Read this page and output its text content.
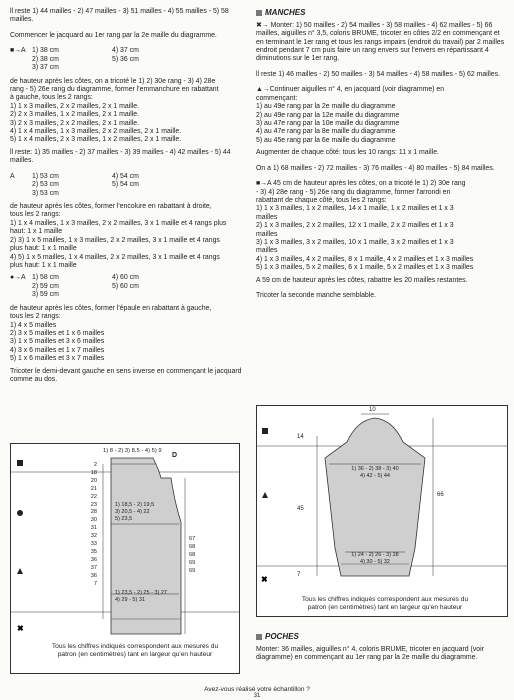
ll reste 1) 44 mailles - 2) 47 mailles - 3) 51 mailles - 4) 55 mailles - 5) 58 mailles.

Commencer le jacquard au 1er rang par la 2e maille du diagramme.

■→A 1) 38 cm
2) 38 cm
3) 37 cm
4) 37 cm
5) 36 cm
de hauteur après les côtes, on a tricoté le 1) 2) 30e rang - 3) 4) 28e
rang - 5) 26e rang du diagramme, former l'emmanchure en rabattant
à gauche, tous les 2 rangs:
1) 1 x 3 mailles, 2 x 2 mailles, 2 x 1 maille.
2) 2 x 3 mailles, 1 x 2 mailles, 2 x 1 maille.
3) 2 x 3 mailles, 2 x 2 mailles, 2 x 1 maille.
4) 1 x 4 mailles, 1 x 3 mailles, 2 x 2 mailles, 2 x 1 maille.
5) 1 x 4 mailles, 2 x 3 mailles, 1 x 2 mailles, 2 x 1 maille.

ll reste: 1) 35 mailles - 2) 37 mailles - 3) 39 mailles - 4) 42 mailles - 5) 44 mailles.

A	1) 53 cm
2) 53 cm
3) 53 cm
4) 54 cm
5) 54 cm
de hauteur après les côtes, former l'encolure en rabattant à droite,
tous les 2 rangs:
1) 1 x 4 mailles, 1 x 3 mailles, 2 x 2 mailles, 3 x 1 maille et 4 rangs plus
haut: 1 x 1 maille
2) 3) 1 x 5 mailles, 1 x 3 mailles, 2 x 2 mailles, 3 x 1 maille et 4 rangs
plus haut: 1 x 1 maille
4) 5) 1 x 5 mailles, 1 x 4 mailles, 2 x 2 mailles, 3 x 1 maille et 4 rangs
plus haut: 1 x 1 maille
●→A 1) 58 cm
2) 59 cm
3) 59 cm
4) 60 cm
5) 60 cm
de hauteur après les côtes, former l'épaule en rabattant à gauche,
tous les 2 rangs:
1) 4 x 5 mailles
2) 3 x 5 mailles et 1 x 6 mailles
3) 1 x 5 mailles et 3 x 6 mailles
4) 3 x 6 mailles et 1 x 7 mailles
5) 1 x 6 mailles et 3 x 7 mailles

Tricoter le demi-devant gauche en sens inverse en commençant le jacquard comme au dos.

✖
1) 8 - 2) 3) 8,5 - 4) 5) 9
D
2
18
20
21
22
23
28
30
31
32
33
35
36
37
36
7
1) 18,5 - 2) 19,5
3) 20,5 - 4) 22
5) 23,5
67
68
68
69
69
1) 23,5 - 2) 25 - 3) 27
4) 29 - 5) 31
Tous les chiffres indiqués correspondent aux mesures du
patron (en centimètres) tant en largeur qu'en hauteur
MANCHES

✖→ Monter: 1) 50 mailles - 2) 54 mailles - 3) 58 mailles - 4) 62 mailles - 5) 66 mailles, aiguilles n° 3,5, coloris BRUME, tricoter en côtes 2/2 en commençant et en terminant le 1er rang et tous les rangs impairs (endroit du travail) par 2 mailles endroit pendant 7 cm puis faire un rang envers sur l'envers en répartissant 4 diminutions sur le 1er rang.

ll reste 1) 46 mailles - 2) 50 mailles - 3) 54 mailles - 4) 58 mailles - 5) 62 mailles.

▲→Continuer aiguilles n° 4, en jacquard (voir diagramme) en
commençant:
1) au 49e rang par la 2e maille du diagramme
2) au 49e rang par la 12e maille du diagramme
3) au 47e rang par la 10e maille du diagramme
4) au 47e rang par la 8e maille du diagramme
5) au 45e rang par la 6e maille du diagramme

Augmenter de chaque côté: tous les 10 rangs: 11 x 1 maille.

On a 1) 68 mailles - 2) 72 mailles - 3) 76 mailles - 4) 80 mailles - 5) 84 mailles.

■→A 45 cm de hauteur après les côtes, on a tricoté le 1) 2) 30e rang
- 3) 4) 28e rang - 5) 26e rang du diagramme, former l'arrondi en
rabattant de chaque côté, tous les 2 rangs:
1) 1 x 3 mailles, 1 x 2 mailles, 14 x 1 maille, 1 x 2 mailles et 1 x 3
mailles
2) 1 x 3 mailles, 2 x 2 mailles, 12 x 1 maille, 2 x 2 mailles et 1 x 3
mailles
3) 1 x 3 mailles, 3 x 2 mailles, 10 x 1 maille, 3 x 2 mailles et 1 x 3
mailles
4) 1 x 3 mailles, 4 x 2 mailles, 8 x 1 maille, 4 x 2 mailles et 1 x 3 mailles
5) 1 x 3 mailles, 5 x 2 mailles, 6 x 1 maille, 5 x 2 mailles et 1 x 3 mailles

A 59 cm de hauteur après les côtes, rabattre les 20 mailles restantes.

Tricoter la seconde manche semblable.

✖
10
14
45
7
66
1) 36 - 2) 38 - 3) 40
4) 42 - 5) 44
1) 24 - 2) 26 - 3) 28
4) 30 - 5) 32
Tous les chiffres indiqués correspondent aux mesures du
patron (en centimètres) tant en largeur qu'en hauteur
POCHES

Monter: 36 mailles, aiguilles n° 4, coloris BRUME, tricoter en jacquard (voir diagramme) en commençant au 1er rang par la 2e maille du diagramme.

Avez-vous réalisé votre échantillon ?
31
